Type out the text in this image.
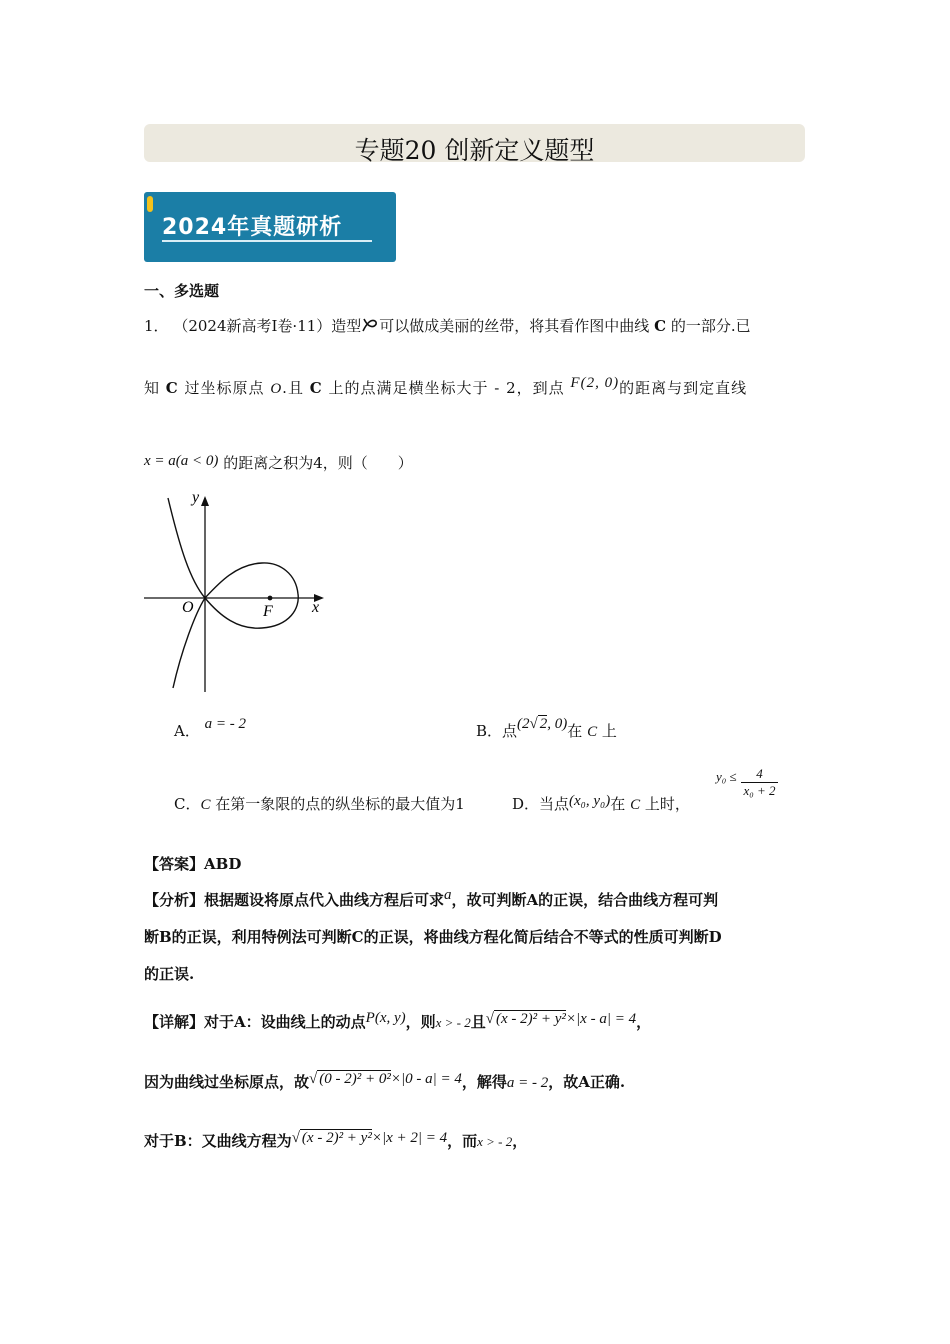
专题20 创新定义题型
2024年真题研析
一、多选题
1． （2024新高考Ⅰ卷·11）造型 可以做成美丽的丝带，将其看作图中曲线 C 的一部分.已
知 C 过坐标原点 O.且 C 上的点满足横坐标大于 - 2，到点 F(2, 0)的距离与到定直线
x = a(a < 0) 的距离之积为4，则（　　）
x
y
O	F
A． a = - 2	B．点(2√ 2, 0)在 C 上
C．C 在第一象限的点的纵坐标的最大值为1	D．当点(x₀, y₀)在 C 上时，
$y_0 \le \frac{4}{\text{x₀ + 2}}$
【答案】ABD
【分析】根据题设将原点代入曲线方程后可求a，故可判断A的正误，结合曲线方程可判
断B的正误，利用特例法可判断C的正误，将曲线方程化简后结合不等式的性质可判断D
的正误.
【详解】对于A：设曲线上的动点P(x, y)，则x > - 2且√ (x - 2)² + y²×|x - a| = 4，
因为曲线过坐标原点，故√ (0 - 2)² + 0²×|0 - a| = 4，解得a = - 2，故A正确.
对于B：又曲线方程为√ (x - 2)² + y²×|x + 2| = 4，而x > - 2，
